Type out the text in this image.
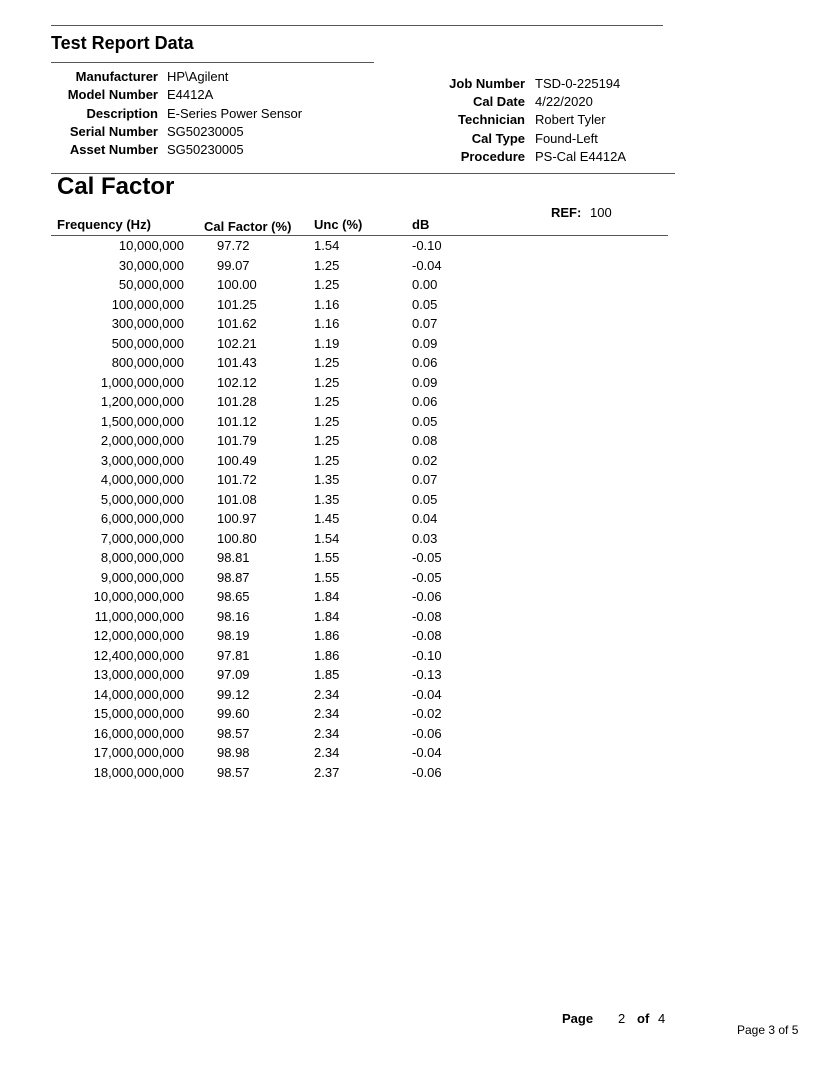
Test Report Data
Manufacturer HP\Agilent
Model Number E4412A
Description E-Series Power Sensor
Serial Number SG50230005
Asset Number SG50230005
Job Number TSD-0-225194
Cal Date 4/22/2020
Technician Robert Tyler
Cal Type Found-Left
Procedure PS-Cal E4412A
Cal Factor
REF: 100
Frequency (Hz)	Cal Factor (%) Unc (%)	dB
10,000,000	97.72	1.54	-0.10
30,000,000	99.07	1.25	-0.04
50,000,000	100.00	1.25	0.00
100,000,000	101.25	1.16	0.05
300,000,000	101.62	1.16	0.07
500,000,000	102.21	1.19	0.09
800,000,000	101.43	1.25	0.06
1,000,000,000	102.12	1.25	0.09
1,200,000,000	101.28	1.25	0.06
1,500,000,000	101.12	1.25	0.05
2,000,000,000	101.79	1.25	0.08
3,000,000,000	100.49	1.25	0.02
4,000,000,000	101.72	1.35	0.07
5,000,000,000	101.08	1.35	0.05
6,000,000,000	100.97	1.45	0.04
7,000,000,000	100.80	1.54	0.03
8,000,000,000	98.81	1.55	-0.05
9,000,000,000	98.87	1.55	-0.05
10,000,000,000	98.65	1.84	-0.06
11,000,000,000	98.16	1.84	-0.08
12,000,000,000	98.19	1.86	-0.08
12,400,000,000	97.81	1.86	-0.10
13,000,000,000	97.09	1.85	-0.13
14,000,000,000	99.12	2.34	-0.04
15,000,000,000	99.60	2.34	-0.02
16,000,000,000	98.57	2.34	-0.06
17,000,000,000	98.98	2.34	-0.04
18,000,000,000	98.57	2.37	-0.06
Page 2 of 4
Page 3 of 5
